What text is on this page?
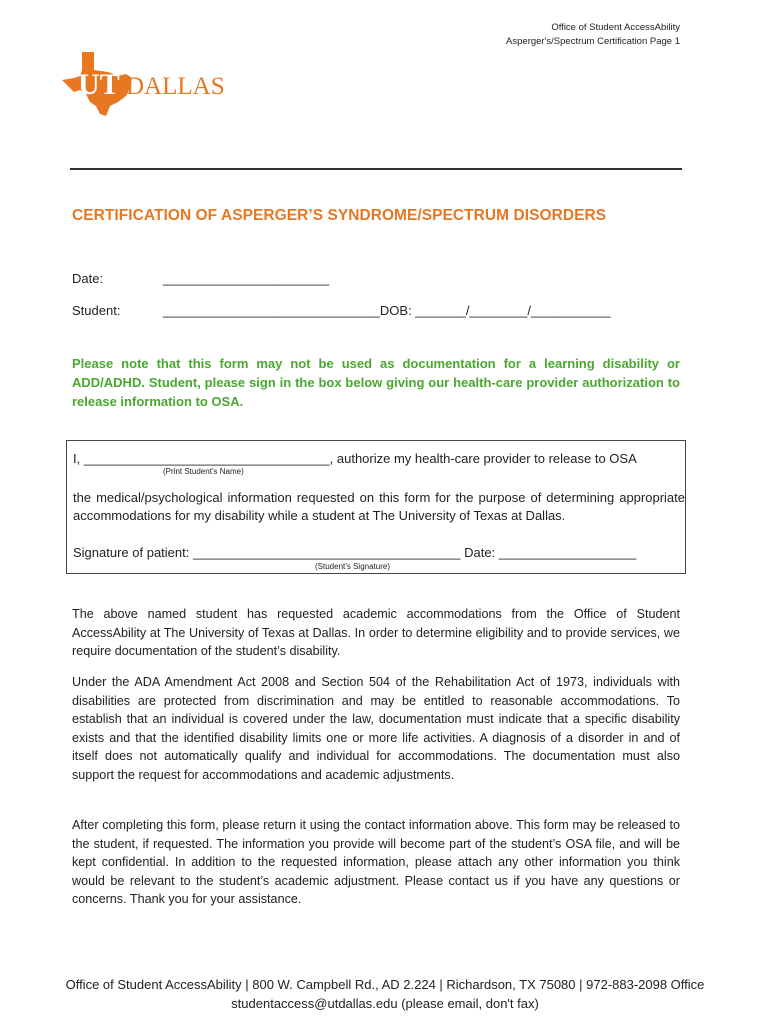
Office of Student AccessAbility
Asperger's/Spectrum Certification Page 1
UT DALLAS
CERTIFICATION OF ASPERGER’S SYNDROME/SPECTRUM DISORDERS
Date:	_______________________
Student:	______________________________DOB: _______/________/___________
Please note that this form may not be used as documentation for a learning disability or ADD/ADHD. Student, please sign in the box below giving our health-care provider authorization to release information to OSA.
I, __________________________________, authorize my health-care provider to release to OSA
(Print Student’s Name)
the medical/psychological information requested on this form for the purpose of determining appropriate accommodations for my disability while a student at The University of Texas at Dallas.
Signature of patient: _____________________________________ Date: ___________________
(Student’s Signature)
The above named student has requested academic accommodations from the Office of Student AccessAbility at The University of Texas at Dallas. In order to determine eligibility and to provide services, we require documentation of the student’s disability.
Under the ADA Amendment Act 2008 and Section 504 of the Rehabilitation Act of 1973, individuals with disabilities are protected from discrimination and may be entitled to reasonable accommodations. To establish that an individual is covered under the law, documentation must indicate that a specific disability exists and that the identified disability limits one or more life activities. A diagnosis of a disorder in and of itself does not automatically qualify and individual for accommodations. The documentation must also support the request for accommodations and academic adjustments.
After completing this form, please return it using the contact information above. This form may be released to the student, if requested. The information you provide will become part of the student’s OSA file, and will be kept confidential. In addition to the requested information, please attach any other information you think would be relevant to the student’s academic adjustment. Please contact us if you have any questions or concerns. Thank you for your assistance.
Office of Student AccessAbility | 800 W. Campbell Rd., AD 2.224 | Richardson, TX 75080 | 972-883-2098 Office
studentaccess@utdallas.edu (please email, don't fax)
